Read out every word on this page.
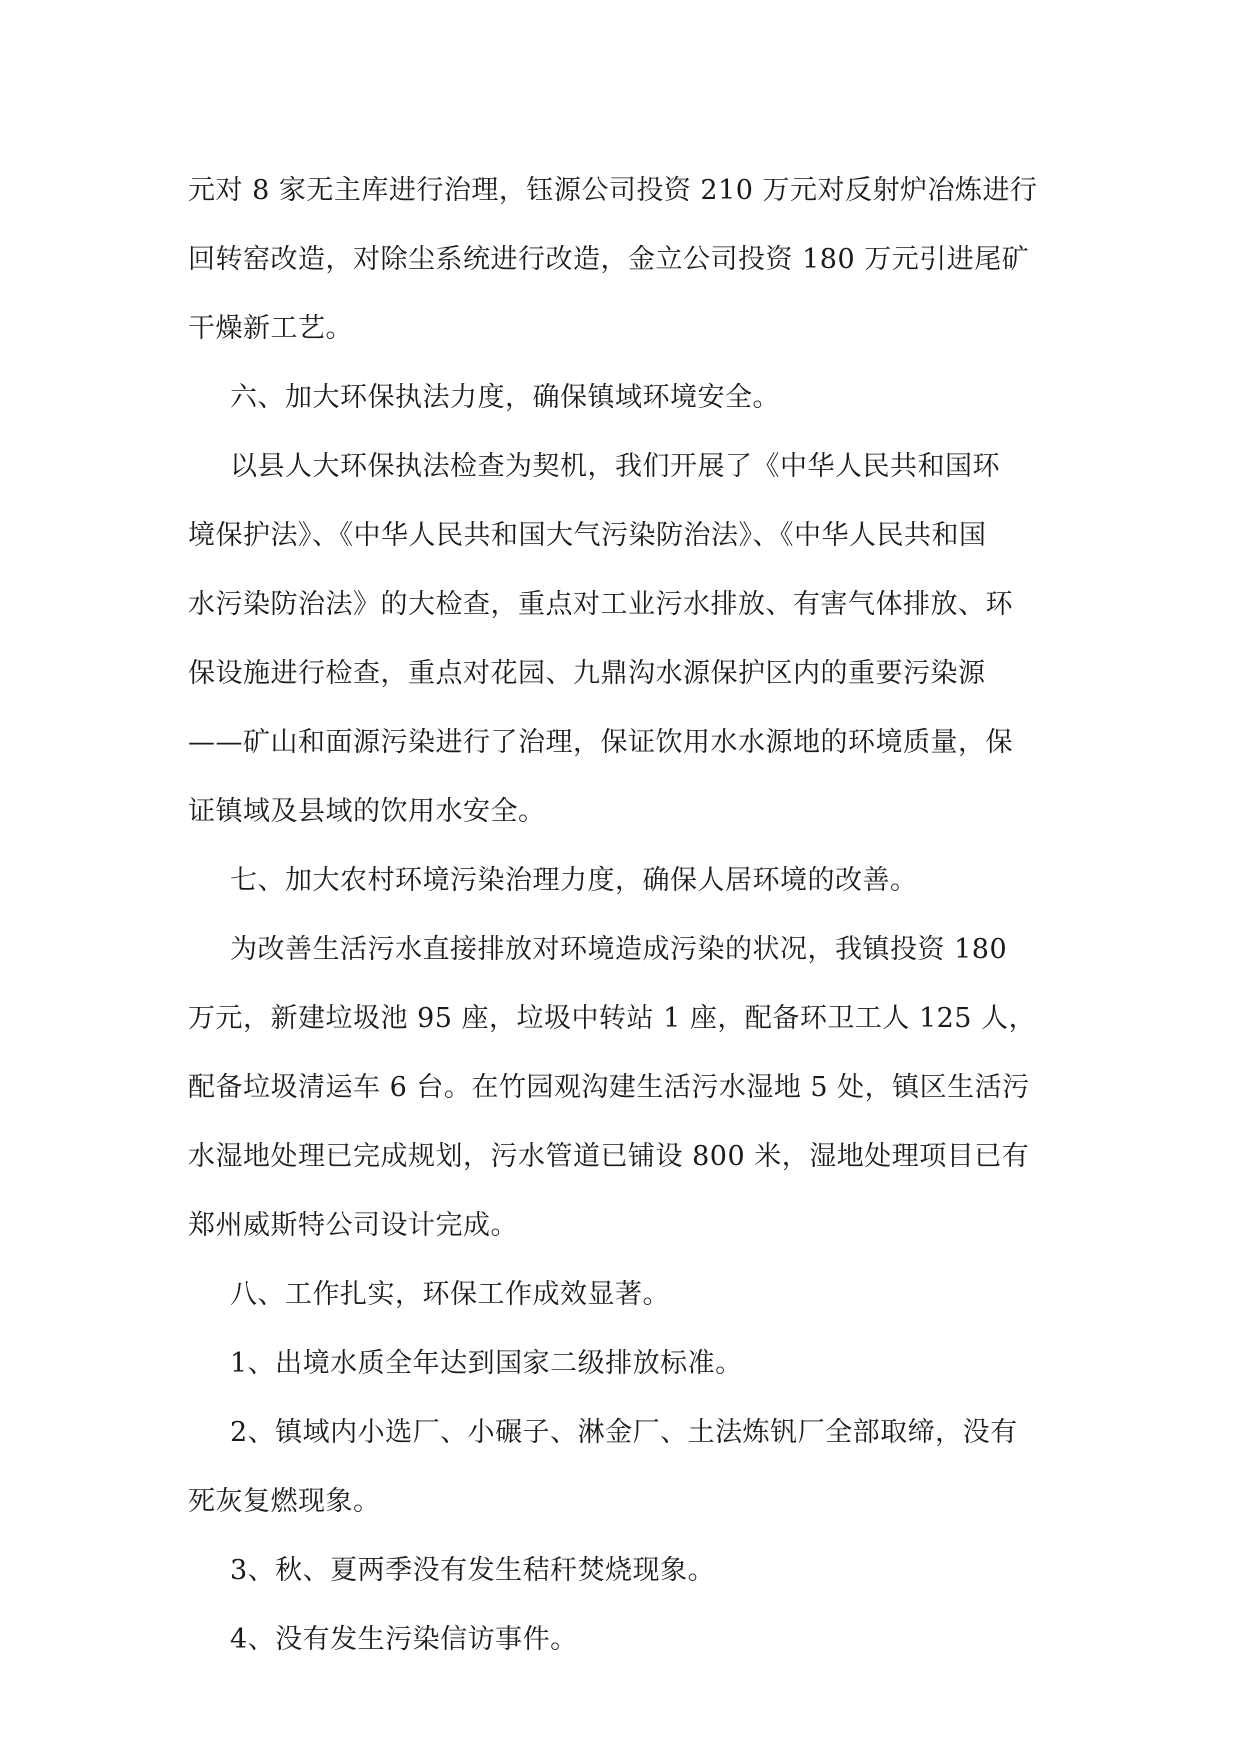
元对 8 家无主库进行治理，钰源公司投资 210 万元对反射炉冶炼进行
回转窑改造，对除尘系统进行改造，金立公司投资 180 万元引进尾矿
干燥新工艺。
六、加大环保执法力度，确保镇域环境安全。
以县人大环保执法检查为契机，我们开展了《中华人民共和国环
境保护法》、《中华人民共和国大气污染防治法》、《中华人民共和国
水污染防治法》的大检查，重点对工业污水排放、有害气体排放、环
保设施进行检查，重点对花园、九鼎沟水源保护区内的重要污染源
——矿山和面源污染进行了治理，保证饮用水水源地的环境质量，保
证镇域及县域的饮用水安全。
七、加大农村环境污染治理力度，确保人居环境的改善。
为改善生活污水直接排放对环境造成污染的状况，我镇投资 180
万元，新建垃圾池 95 座，垃圾中转站 1 座，配备环卫工人 125 人，
配备垃圾清运车 6 台。在竹园观沟建生活污水湿地 5 处，镇区生活污
水湿地处理已完成规划，污水管道已铺设 800 米，湿地处理项目已有
郑州威斯特公司设计完成。
八、工作扎实，环保工作成效显著。
1、出境水质全年达到国家二级排放标准。
2、镇域内小选厂、小碾子、淋金厂、土法炼钒厂全部取缔，没有
死灰复燃现象。
3、秋、夏两季没有发生秸秆焚烧现象。
4、没有发生污染信访事件。
